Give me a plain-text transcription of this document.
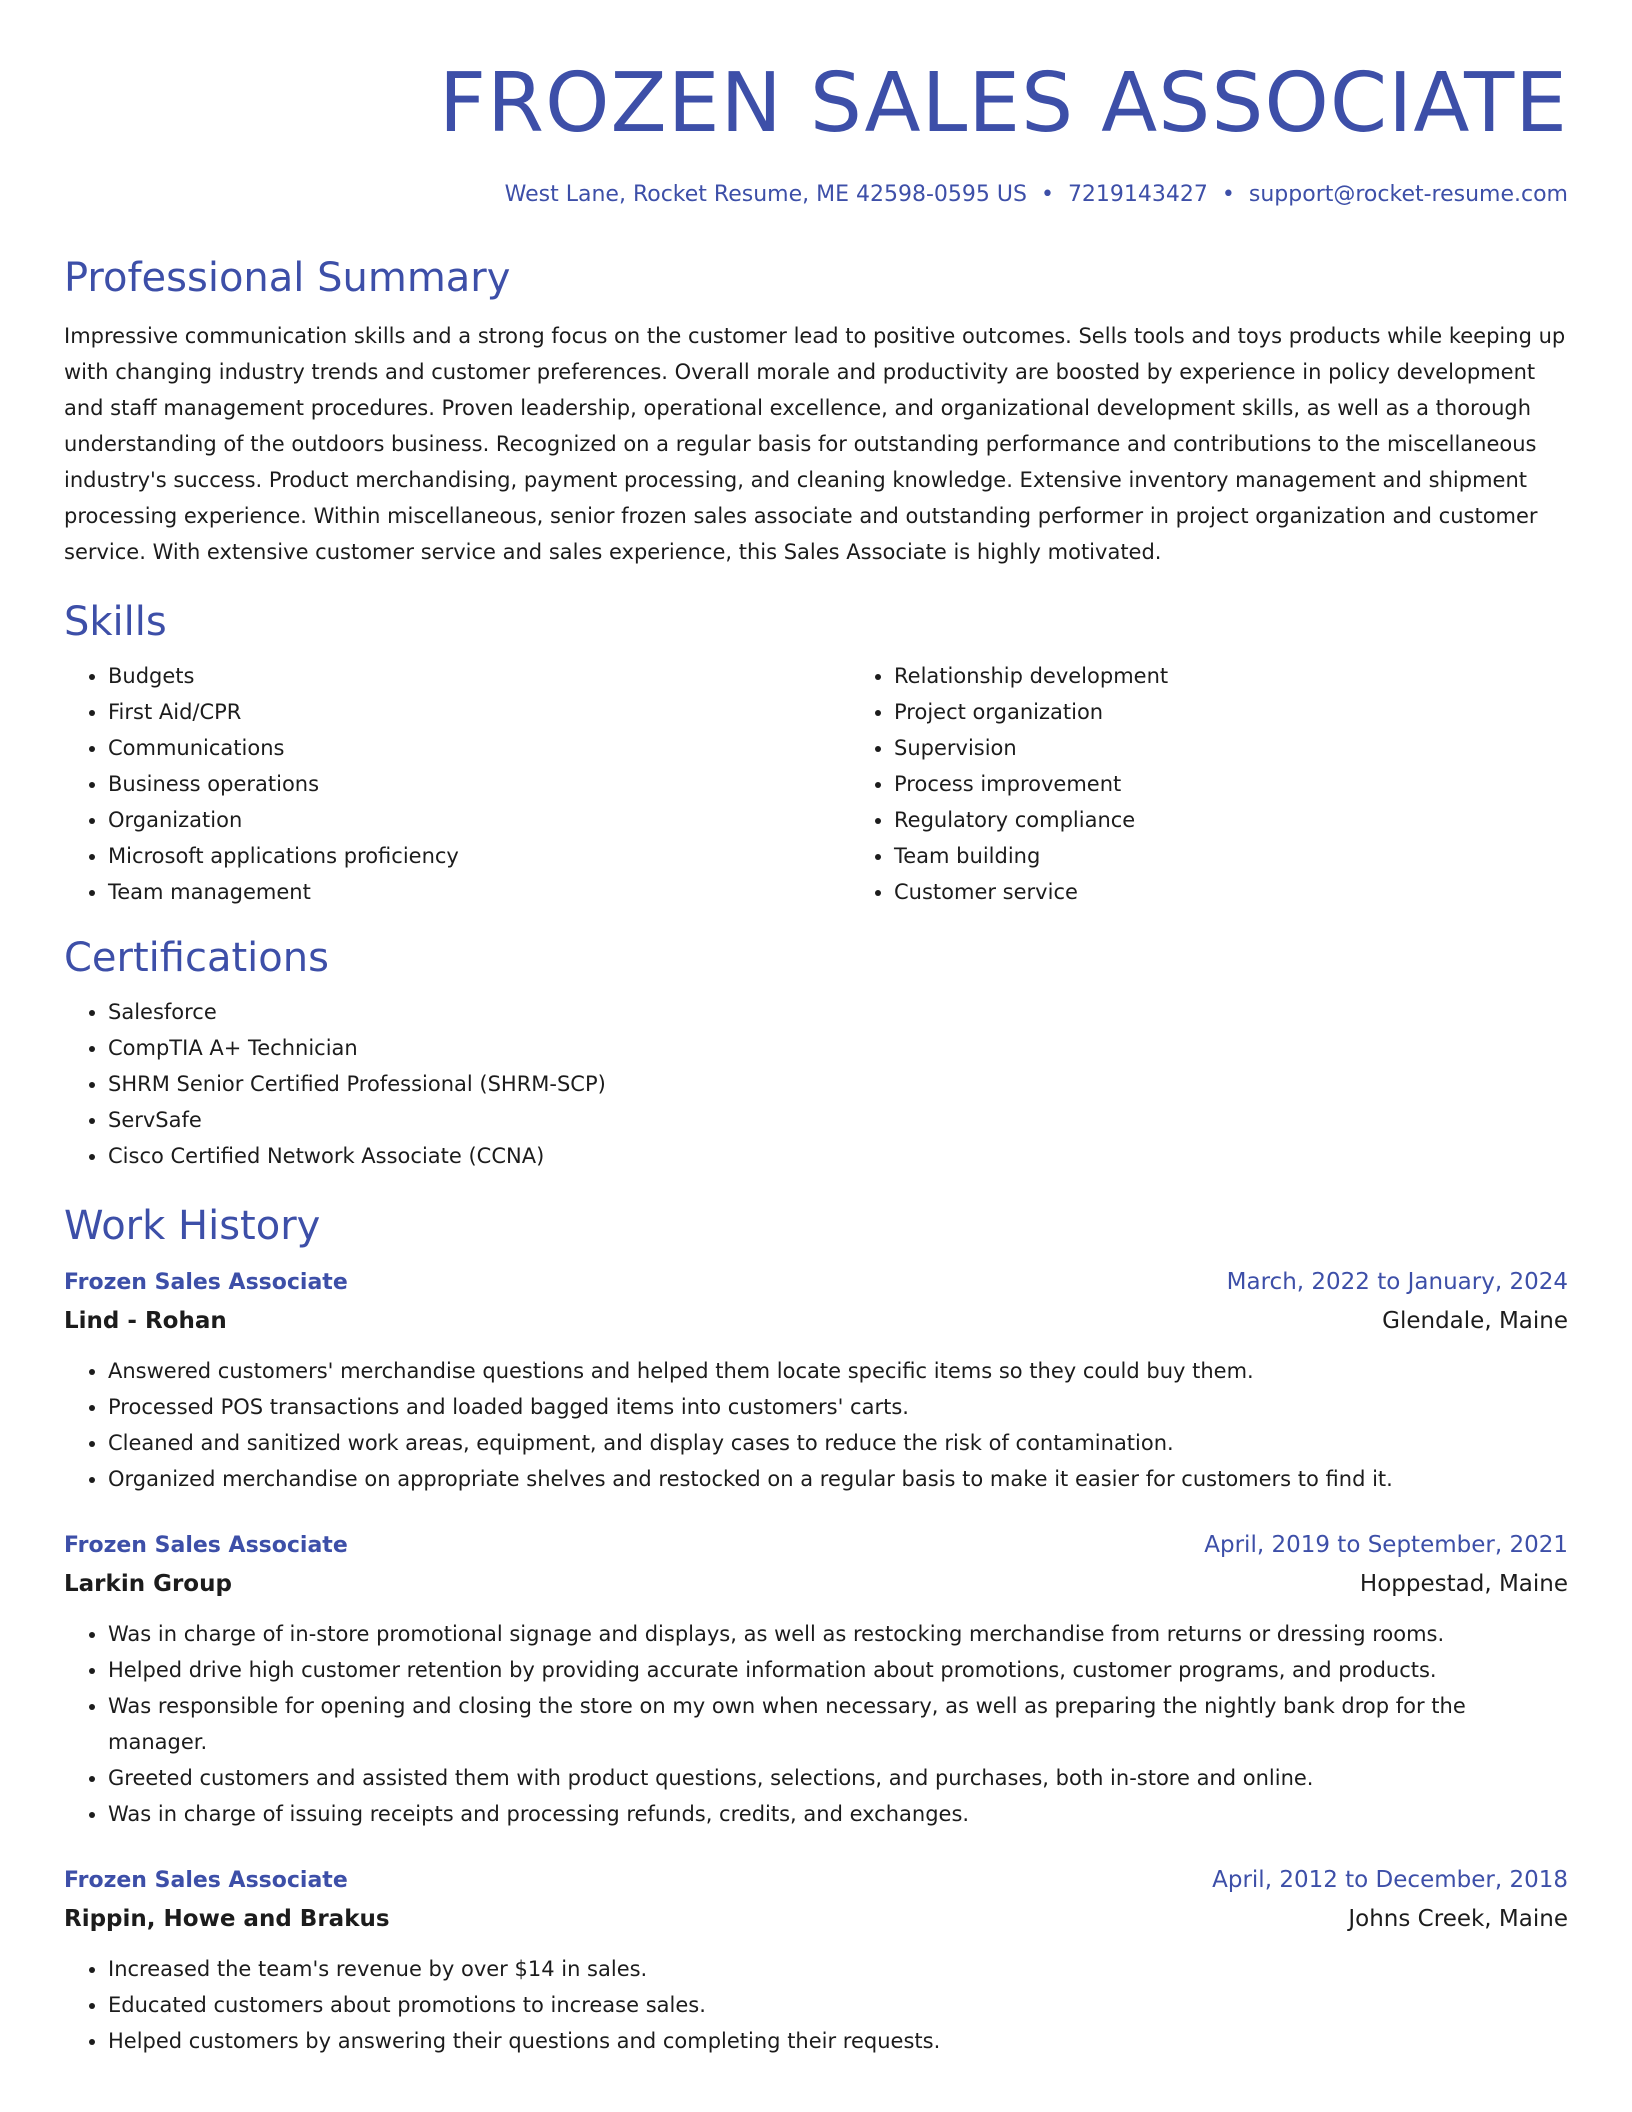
FROZEN SALES ASSOCIATE
West Lane, Rocket Resume, ME 42598-0595 US • 7219143427 • support@rocket-resume.com
Professional Summary

Impressive communication skills and a strong focus on the customer lead to positive outcomes. Sells tools and toys products while keeping up with changing industry trends and customer preferences. Overall morale and productivity are boosted by experience in policy development and staff management procedures. Proven leadership, operational excellence, and organizational development skills, as well as a thorough understanding of the outdoors business. Recognized on a regular basis for outstanding performance and contributions to the miscellaneous industry's success. Product merchandising, payment processing, and cleaning knowledge. Extensive inventory management and shipment processing experience. Within miscellaneous, senior frozen sales associate and outstanding performer in project organization and customer service. With extensive customer service and sales experience, this Sales Associate is highly motivated.

Skills
• Budgets
• First Aid/CPR
• Communications
• Business operations
• Organization
• Microsoft applications proficiency
• Team management
• Relationship development
• Project organization
• Supervision
• Process improvement
• Regulatory compliance
• Team building
• Customer service
Certifications
• Salesforce
• CompTIA A+ Technician
• SHRM Senior Certified Professional (SHRM-SCP)
• ServSafe
• Cisco Certified Network Associate (CCNA)
Work History
Frozen Sales Associate	March, 2022 to January, 2024
Lind - Rohan	Glendale, Maine
• Answered customers' merchandise questions and helped them locate specific items so they could buy them.
• Processed POS transactions and loaded bagged items into customers' carts.
• Cleaned and sanitized work areas, equipment, and display cases to reduce the risk of contamination.
• Organized merchandise on appropriate shelves and restocked on a regular basis to make it easier for customers to find it.
Frozen Sales Associate	April, 2019 to September, 2021
Larkin Group	Hoppestad, Maine
• Was in charge of in-store promotional signage and displays, as well as restocking merchandise from returns or dressing rooms.
• Helped drive high customer retention by providing accurate information about promotions, customer programs, and products.
• Was responsible for opening and closing the store on my own when necessary, as well as preparing the nightly bank drop for the manager.
• Greeted customers and assisted them with product questions, selections, and purchases, both in-store and online.
• Was in charge of issuing receipts and processing refunds, credits, and exchanges.
Frozen Sales Associate	April, 2012 to December, 2018
Rippin, Howe and Brakus	Johns Creek, Maine
• Increased the team's revenue by over $14 in sales.
• Educated customers about promotions to increase sales.
• Helped customers by answering their questions and completing their requests.
